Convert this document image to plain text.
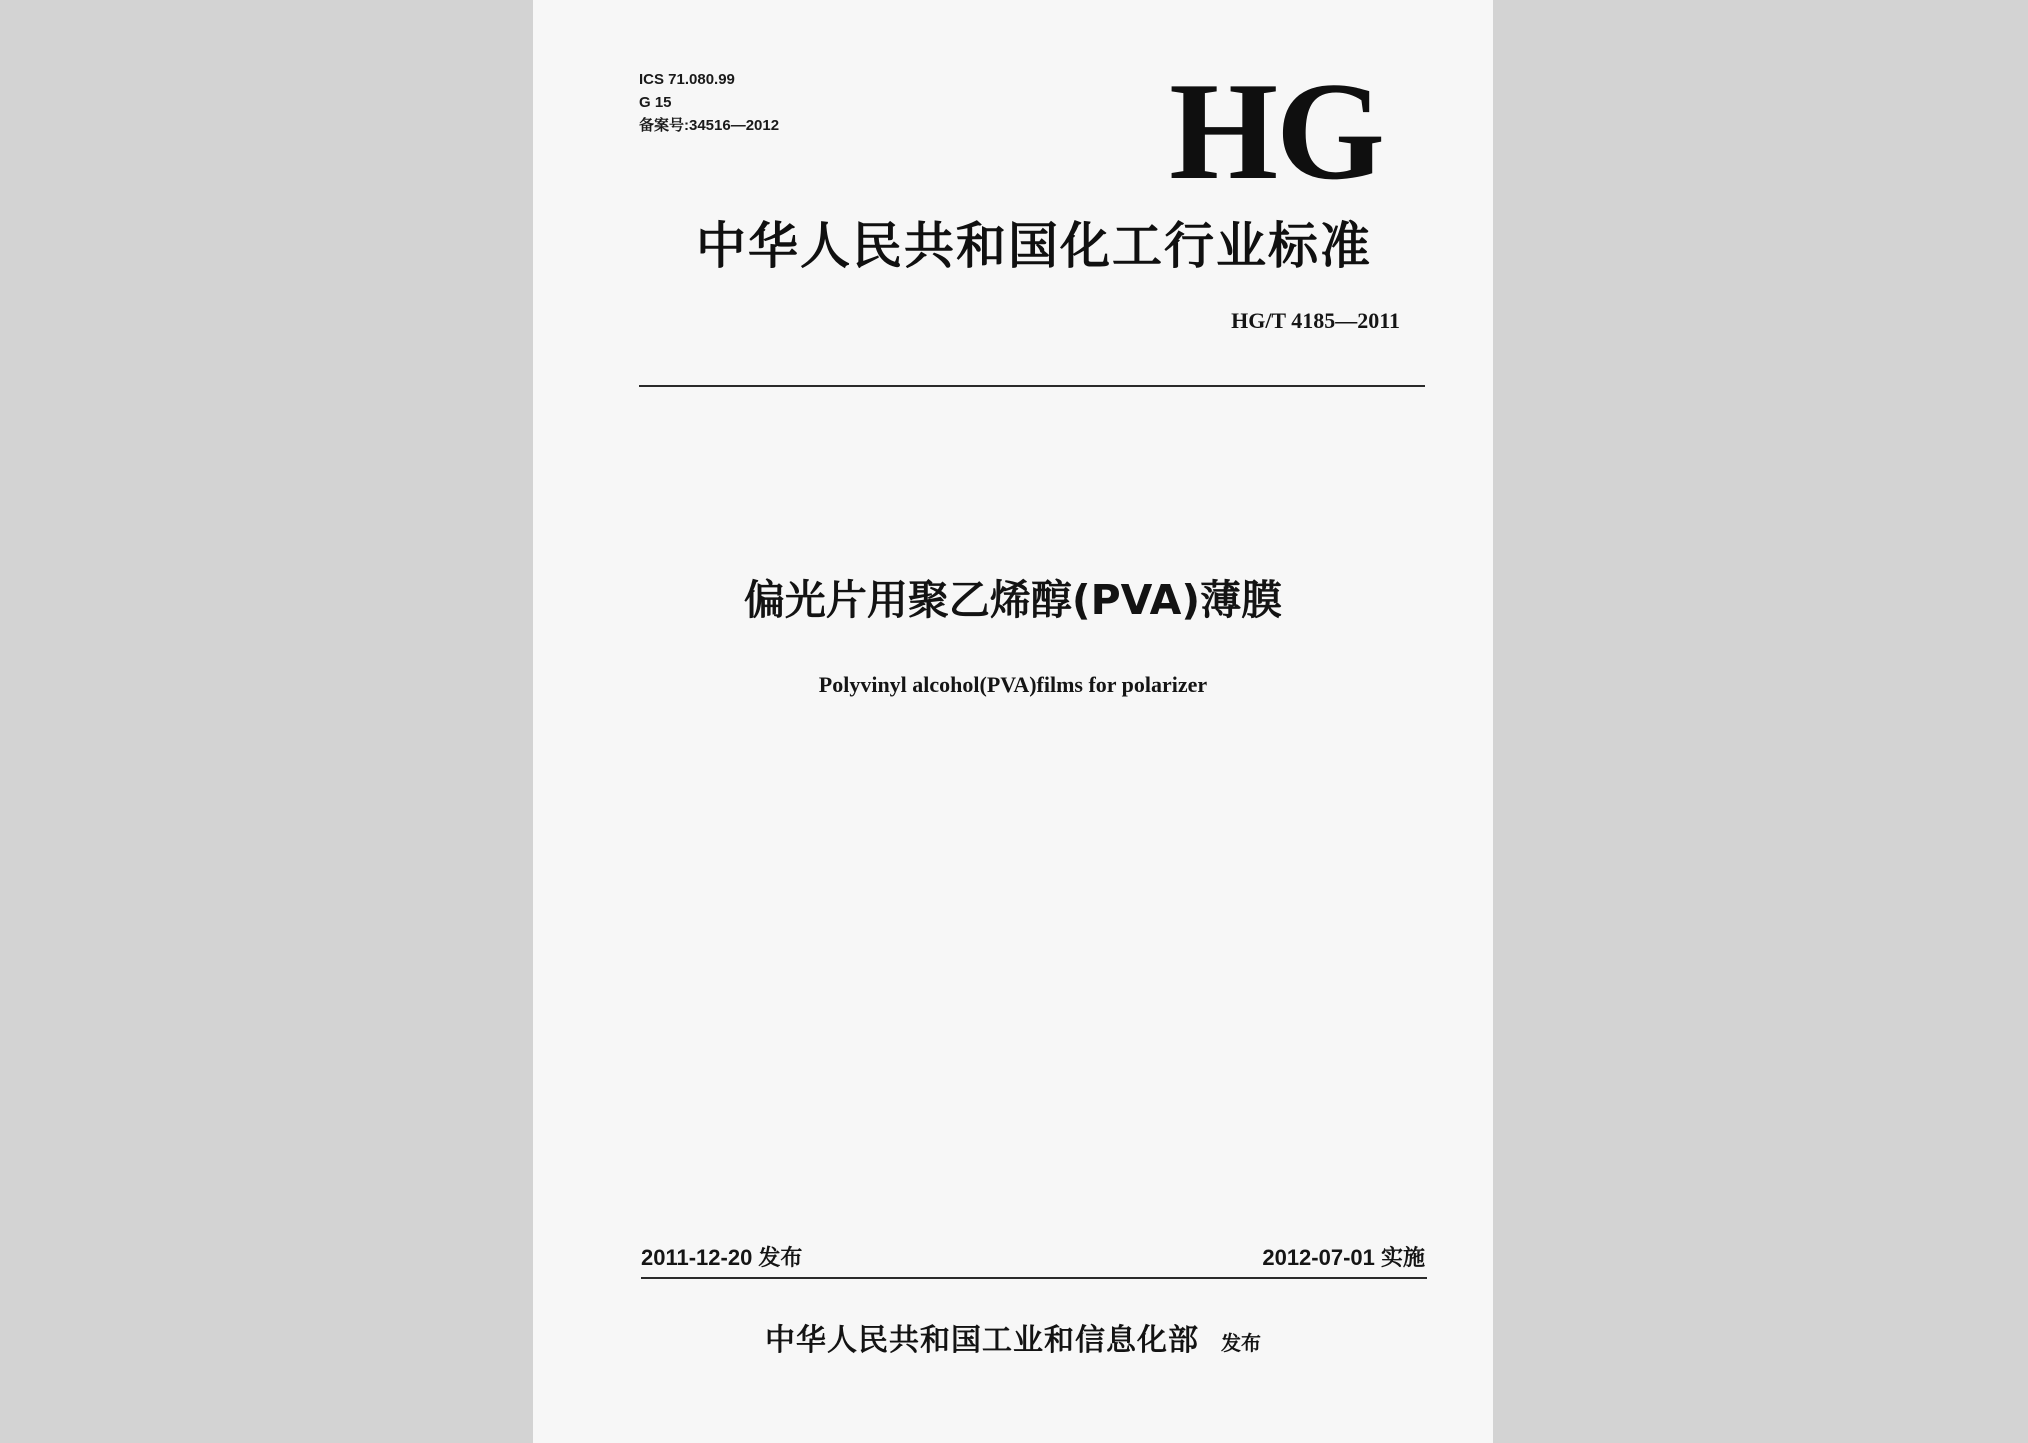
ICS 71.080.99
G 15
备案号:34516—2012	HG
中华人民共和国化工行业标准
HG/T 4185—2011
偏光片用聚乙烯醇(PVA)薄膜
Polyvinyl alcohol(PVA)films for polarizer
2011-12-20 发布	2012-07-01 实施
中华人民共和国工业和信息化部 发布
